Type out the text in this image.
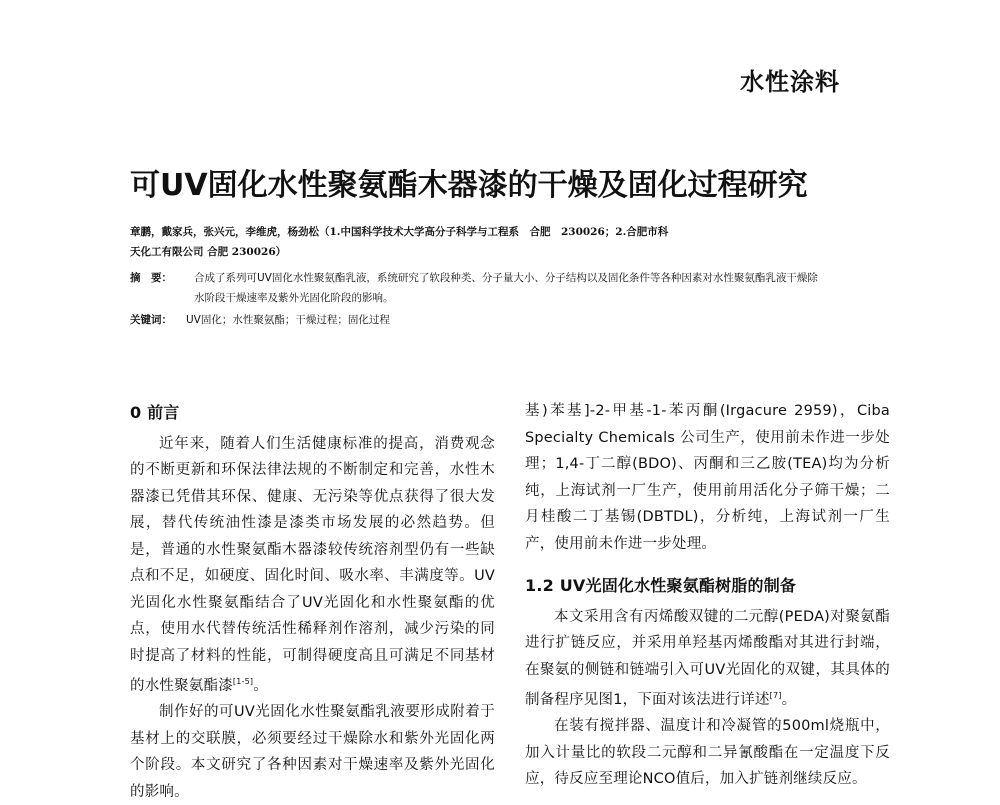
水性涂料
可UV固化水性聚氨酯木器漆的干燥及固化过程研究
章鹏，戴家兵，张兴元，李维虎，杨劲松（1.中国科学技术大学高分子科学与工程系　合肥　230026；2.合肥市科
天化工有限公司 合肥 230026）
摘　要： 合成了系列可UV固化水性聚氨酯乳液，系统研究了软段种类、分子量大小、分子结构以及固化条件等各种因素对水性聚氨酯乳液干燥除水阶段干燥速率及紫外光固化阶段的影响。
关键词： UV固化；水性聚氨酯；干燥过程；固化过程
0 前言

近年来，随着人们生活健康标准的提高，消费观念的不断更新和环保法律法规的不断制定和完善，水性木器漆已凭借其环保、健康、无污染等优点获得了很大发展，替代传统油性漆是漆类市场发展的必然趋势。但是，普通的水性聚氨酯木器漆较传统溶剂型仍有一些缺点和不足，如硬度、固化时间、吸水率、丰满度等。UV光固化水性聚氨酯结合了UV光固化和水性聚氨酯的优点，使用水代替传统活性稀释剂作溶剂，减少污染的同时提高了材料的性能，可制得硬度高且可满足不同基材的水性聚氨酯漆[1-5]。

制作好的可UV光固化水性聚氨酯乳液要形成附着于基材上的交联膜，必须要经过干燥除水和紫外光固化两个阶段。本文研究了各种因素对干燥速率及紫外光固化的影响。

基)苯基]-2-甲基-1-苯丙酮(Irgacure 2959)，Ciba Specialty Chemicals 公司生产，使用前未作进一步处理；1,4-丁二醇(BDO)、丙酮和三乙胺(TEA)均为分析纯，上海试剂一厂生产，使用前用活化分子筛干燥；二月桂酸二丁基锡(DBTDL)，分析纯，上海试剂一厂生产，使用前未作进一步处理。

1.2 UV光固化水性聚氨酯树脂的制备

本文采用含有丙烯酸双键的二元醇(PEDA)对聚氨酯进行扩链反应，并采用单羟基丙烯酸酯对其进行封端，在聚氨的侧链和链端引入可UV光固化的双键，其具体的制备程序见图1，下面对该法进行详述[7]。

在装有搅拌器、温度计和冷凝管的500ml烧瓶中，加入计量比的软段二元醇和二异氰酸酯在一定温度下反应，待反应至理论NCO值后，加入扩链剂继续反应。
